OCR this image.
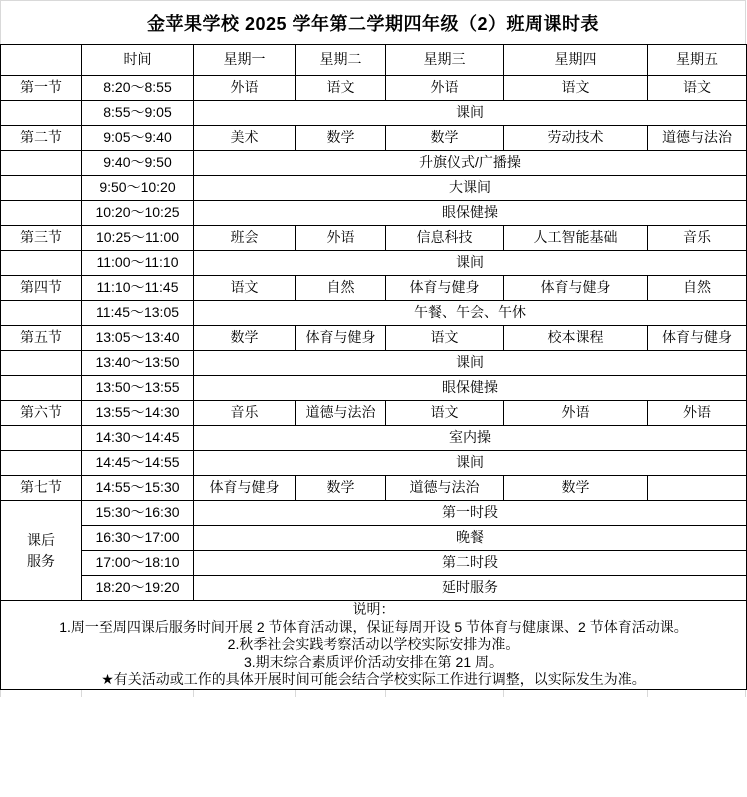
金苹果学校 2025 学年第二学期四年级（2）班周课时表
	时间	星期一	星期二	星期三	星期四	星期五
第一节	8:20～8:55	外语	语文	外语	语文	语文
	8:55～9:05	课间				
第二节	9:05～9:40	美术	数学	数学	劳动技术	道德与法治
	9:40～9:50	升旗仪式/广播操				
	9:50～10:20	大课间				
	10:20～10:25	眼保健操				
第三节	10:25～11:00	班会	外语	信息科技	人工智能基础	音乐
	11:00～11:10	课间				
第四节	11:10～11:45	语文	自然	体育与健身	体育与健身	自然
	11:45～13:05	午餐、午会、午休				
第五节	13:05～13:40	数学	体育与健身	语文	校本课程	体育与健身
	13:40～13:50	课间				
	13:50～13:55	眼保健操				
第六节	13:55～14:30	音乐	道德与法治	语文	外语	外语
	14:30～14:45	室内操				
	14:45～14:55	课间				
第七节	14:55～15:30	体育与健身	数学	道德与法治	数学	
课后服务	15:30～16:30	第一时段				
	16:30～17:00	晚餐				
	17:00～18:10	第二时段				
	18:20～19:20	延时服务				

说明：
1.周一至周四课后服务时间开展 2 节体育活动课，保证每周开设 5 节体育与健康课、2 节体育活动课。
2.秋季社会实践考察活动以学校实际安排为准。
3.期末综合素质评价活动安排在第 21 周。
★有关活动或工作的具体开展时间可能会结合学校实际工作进行调整，以实际发生为准。						
